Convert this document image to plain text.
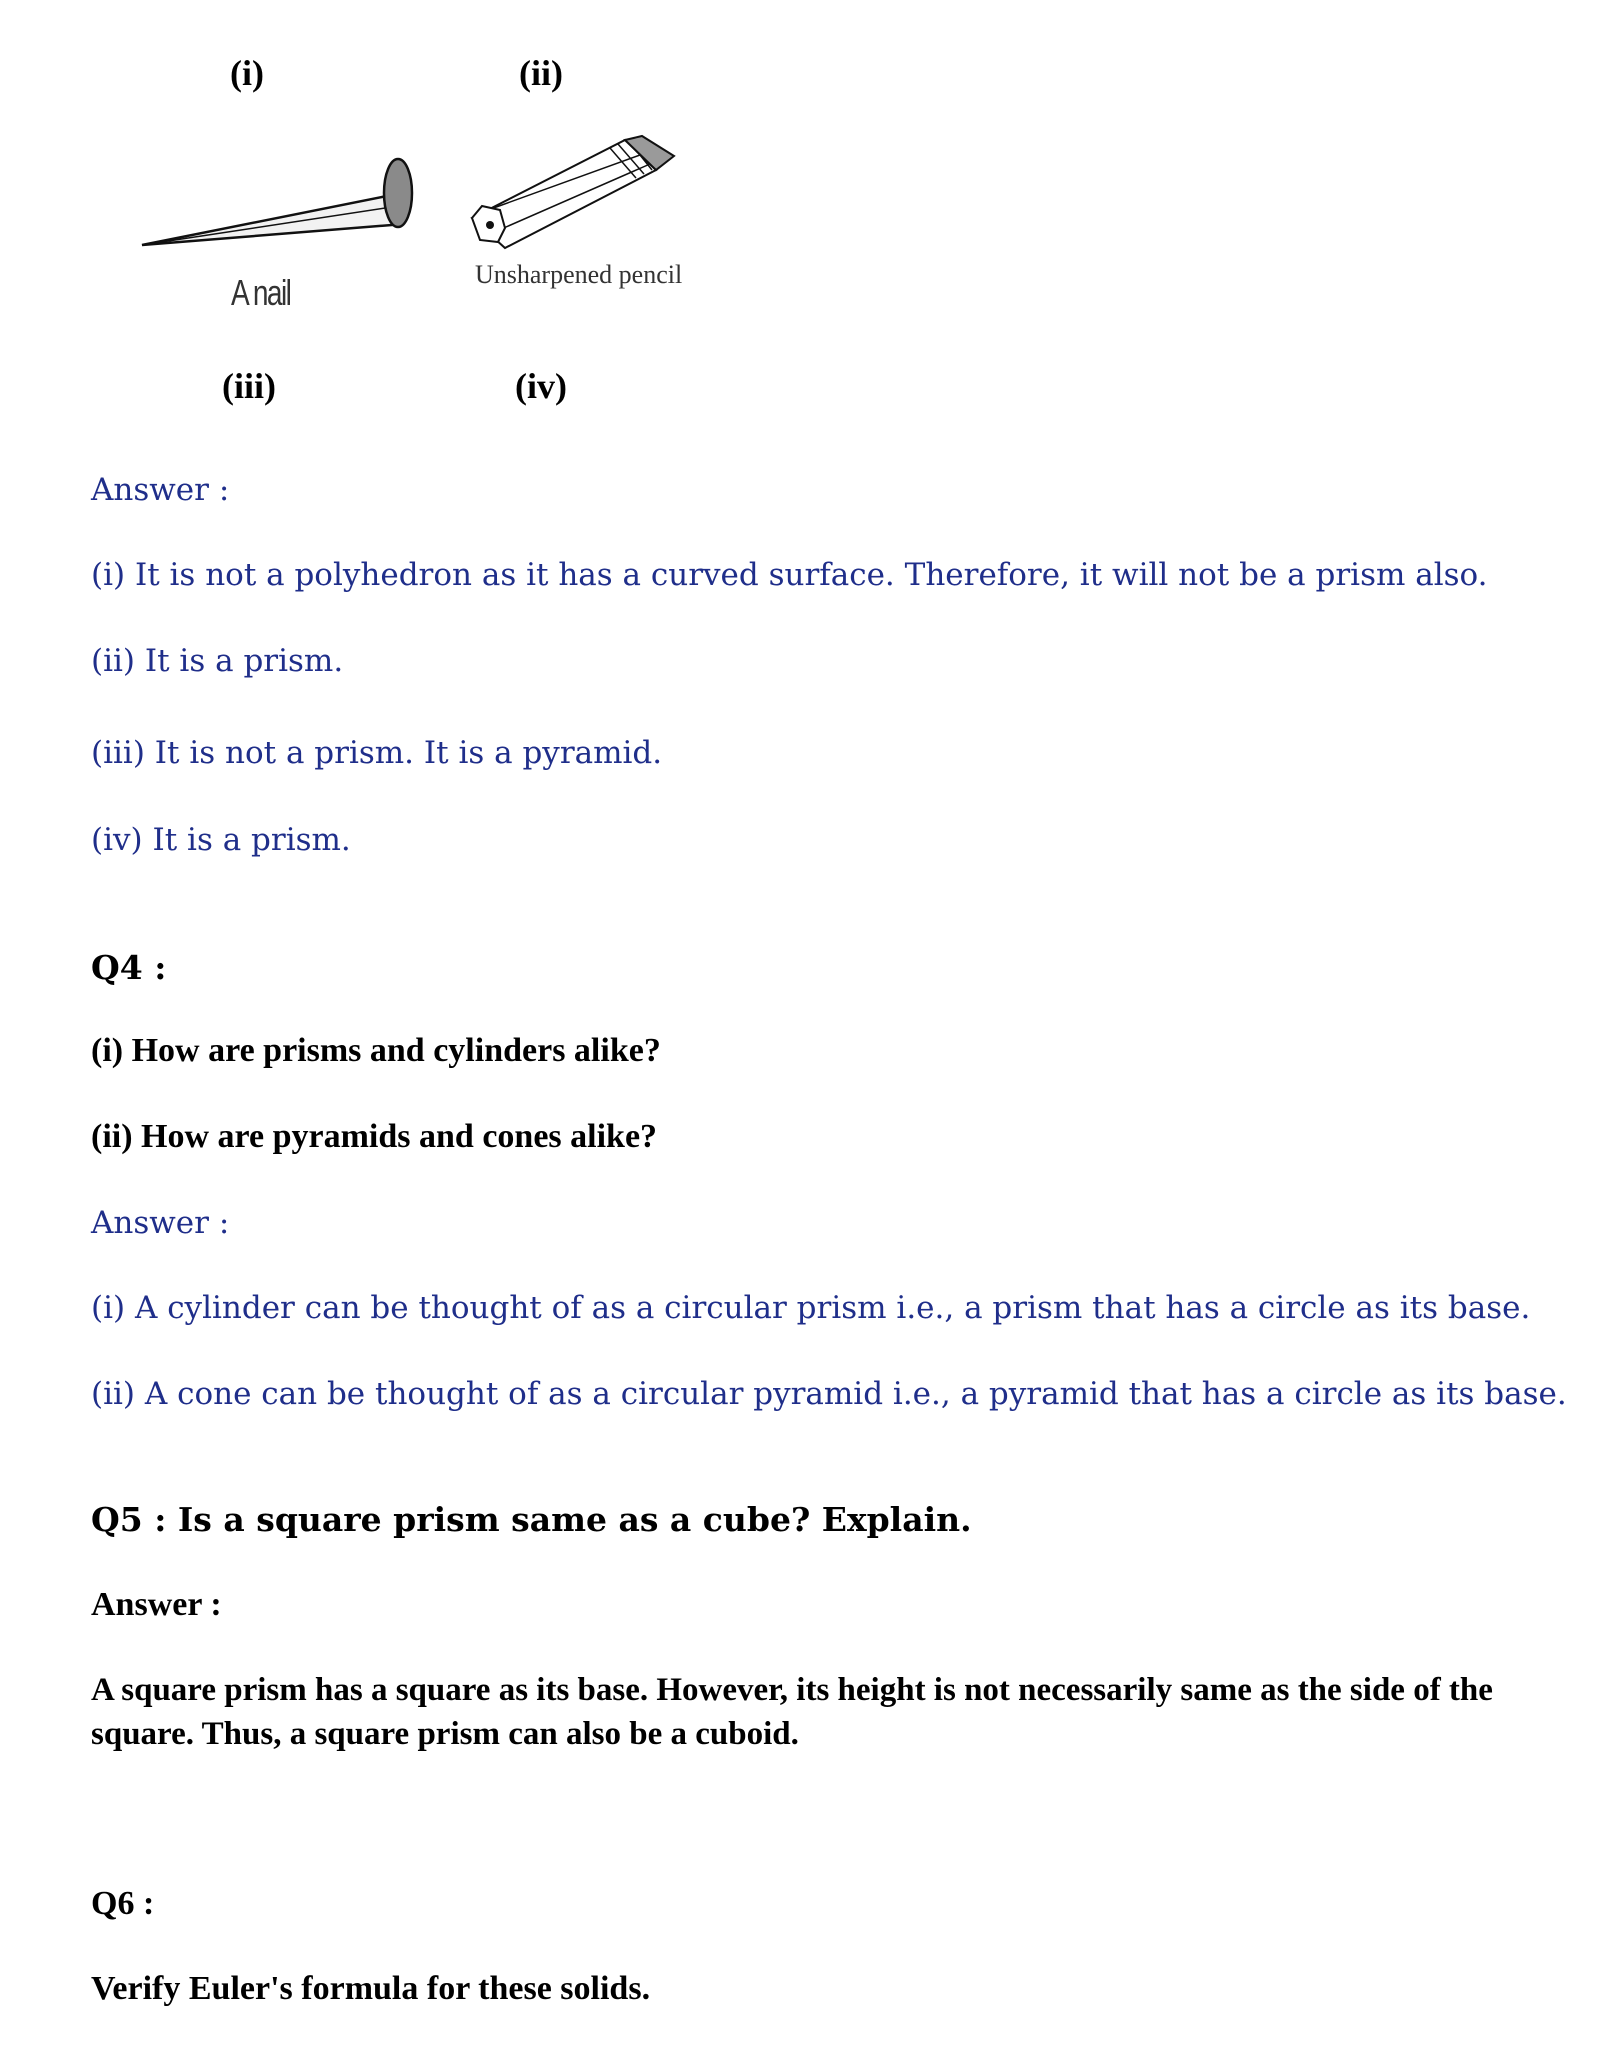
(i)	(ii)
(iii)	(iv)
A nail	Unsharpened pencil
Answer :
(i) It is not a polyhedron as it has a curved surface. Therefore, it will not be a prism also.
(ii) It is a prism.
(iii) It is not a prism. It is a pyramid.
(iv) It is a prism.
Q4 :
(i) How are prisms and cylinders alike?
(ii) How are pyramids and cones alike?
Answer :
(i) A cylinder can be thought of as a circular prism i.e., a prism that has a circle as its base.
(ii) A cone can be thought of as a circular pyramid i.e., a pyramid that has a circle as its base.
Q5 : Is a square prism same as a cube? Explain.
Answer :
A square prism has a square as its base. However, its height is not necessarily same as the side of the square. Thus, a square prism can also be a cuboid.
Q6 :
Verify Euler's formula for these solids.
